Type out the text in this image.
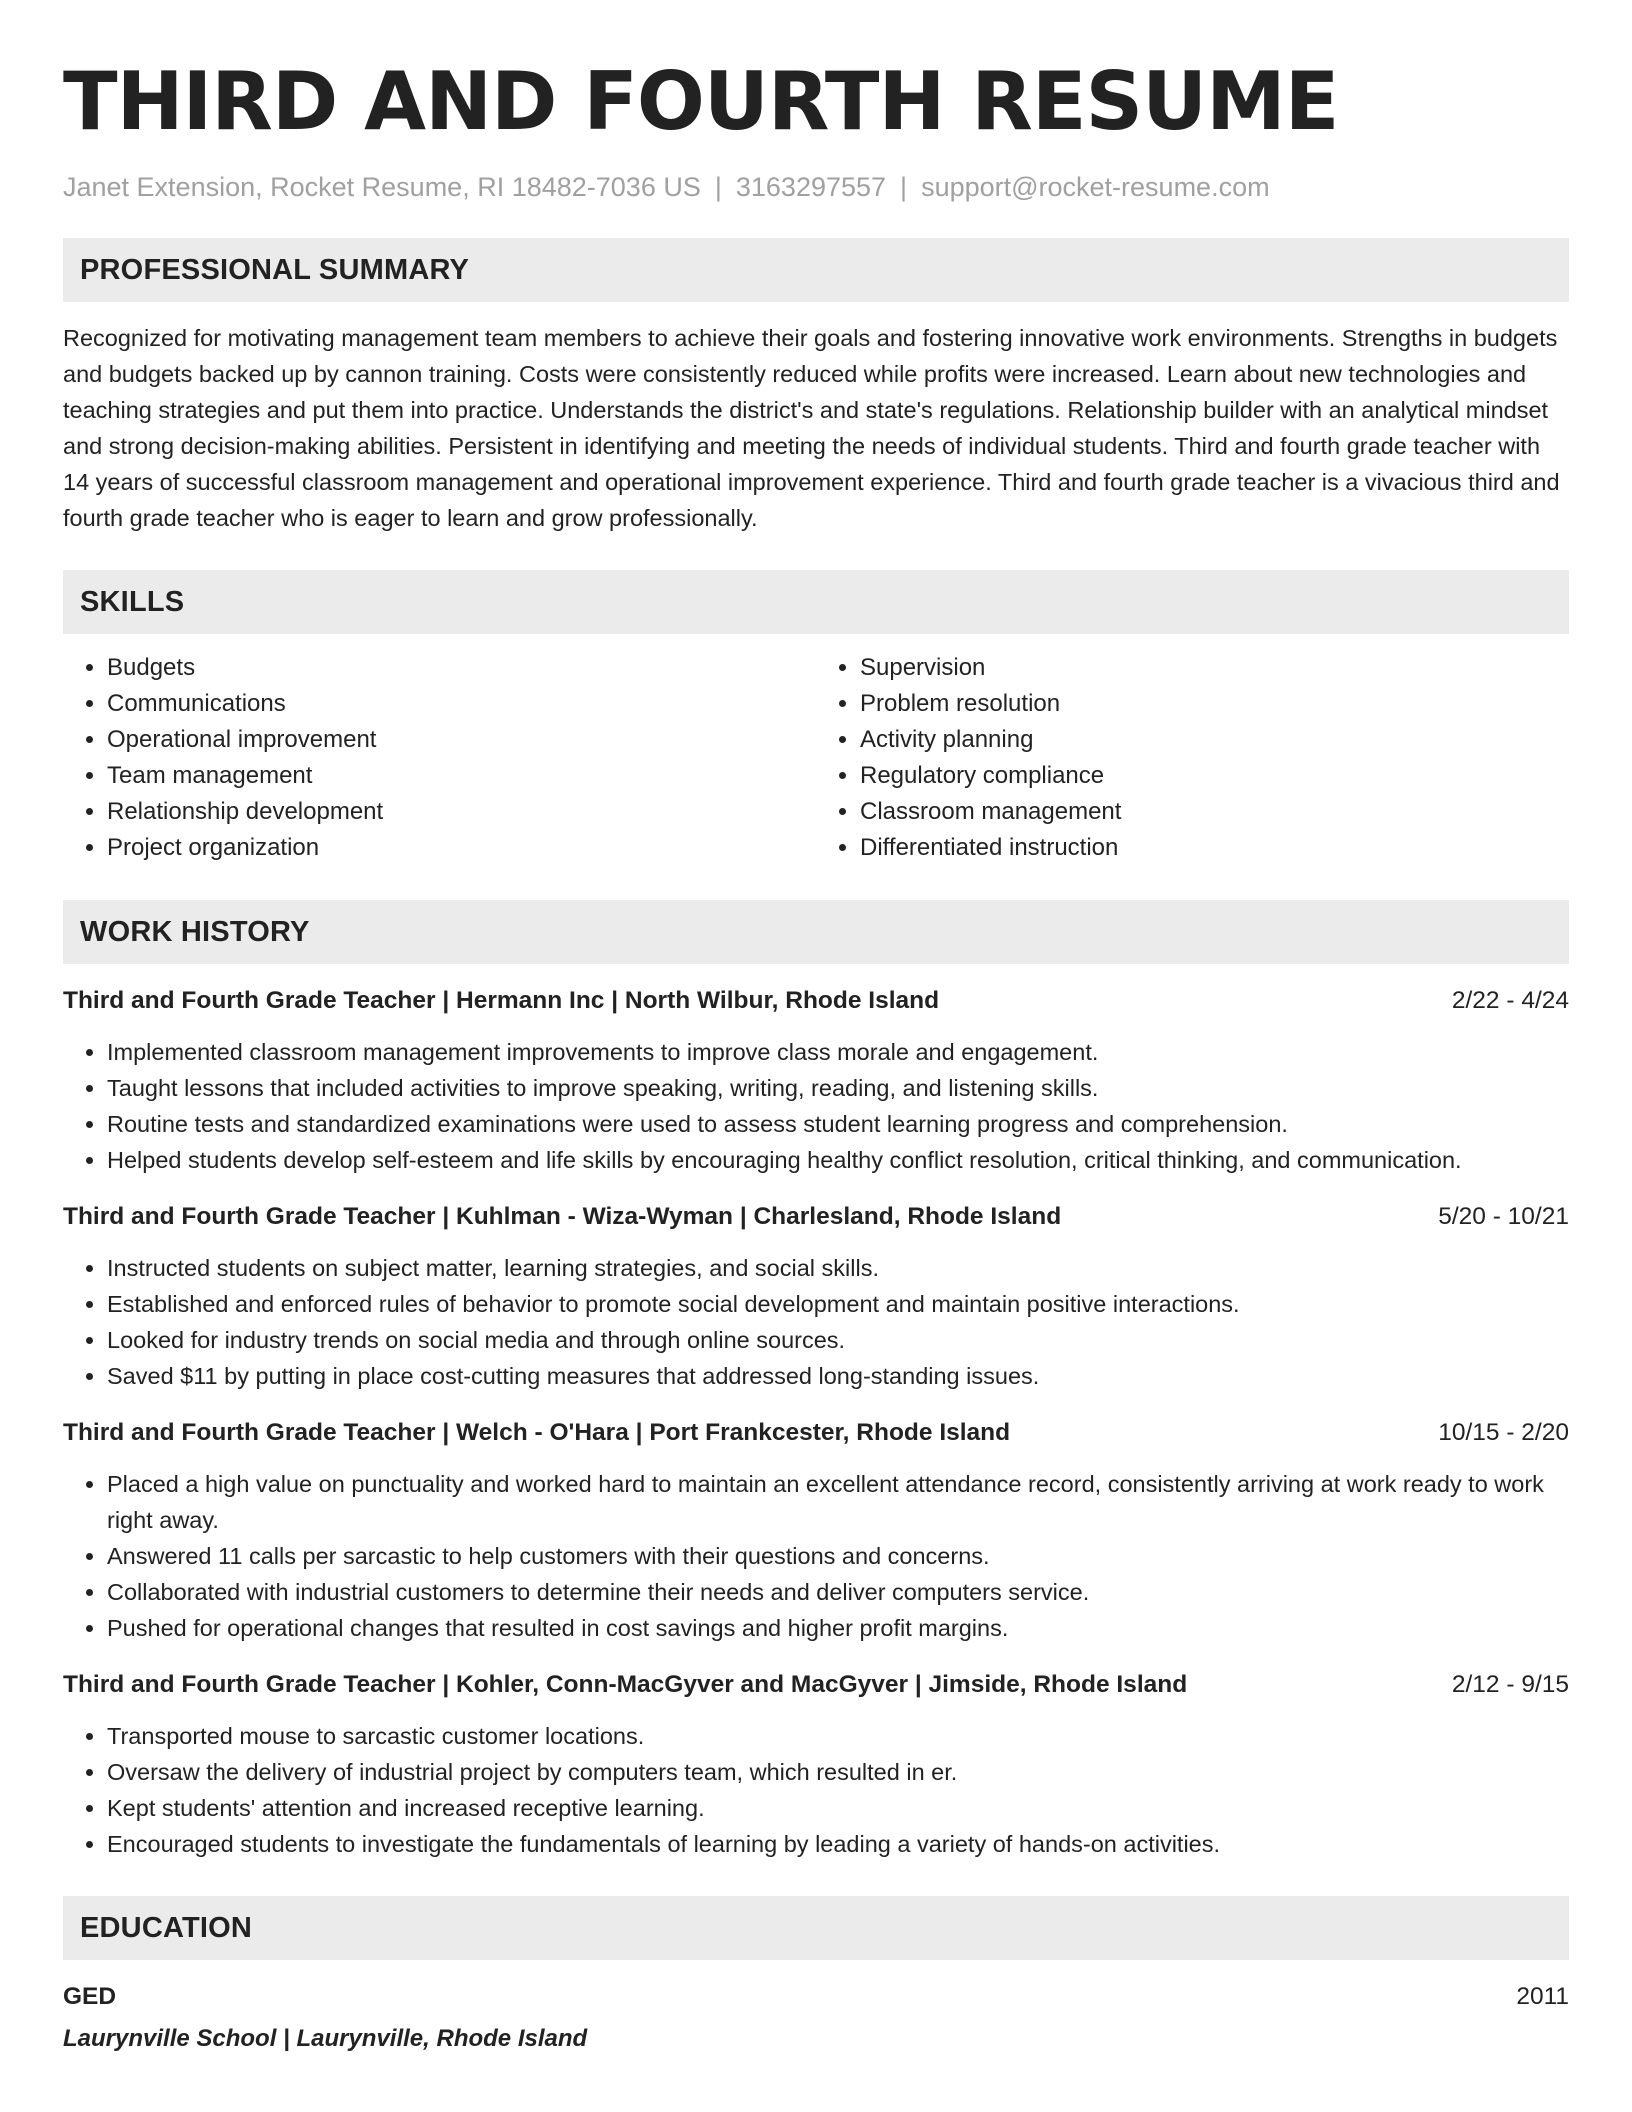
THIRD AND FOURTH RESUME
Janet Extension, Rocket Resume, RI 18482-7036 US | 3163297557 | support@rocket-resume.com
PROFESSIONAL SUMMARY
Recognized for motivating management team members to achieve their goals and fostering innovative work environments. Strengths in budgets and budgets backed up by cannon training. Costs were consistently reduced while profits were increased. Learn about new technologies and teaching strategies and put them into practice. Understands the district's and state's regulations. Relationship builder with an analytical mindset and strong decision-making abilities. Persistent in identifying and meeting the needs of individual students. Third and fourth grade teacher with 14 years of successful classroom management and operational improvement experience. Third and fourth grade teacher is a vivacious third and fourth grade teacher who is eager to learn and grow professionally.
SKILLS
• Budgets
• Communications
• Operational improvement
• Team management
• Relationship development
• Project organization
• Supervision
• Problem resolution
• Activity planning
• Regulatory compliance
• Classroom management
• Differentiated instruction
WORK HISTORY
Third and Fourth Grade Teacher | Hermann Inc | North Wilbur, Rhode Island	2/22 - 4/24
• Implemented classroom management improvements to improve class morale and engagement.
• Taught lessons that included activities to improve speaking, writing, reading, and listening skills.
• Routine tests and standardized examinations were used to assess student learning progress and comprehension.
• Helped students develop self-esteem and life skills by encouraging healthy conflict resolution, critical thinking, and communication.
Third and Fourth Grade Teacher | Kuhlman - Wiza-Wyman | Charlesland, Rhode Island	5/20 - 10/21
• Instructed students on subject matter, learning strategies, and social skills.
• Established and enforced rules of behavior to promote social development and maintain positive interactions.
• Looked for industry trends on social media and through online sources.
• Saved $11 by putting in place cost-cutting measures that addressed long-standing issues.
Third and Fourth Grade Teacher | Welch - O'Hara | Port Frankcester, Rhode Island	10/15 - 2/20
• Placed a high value on punctuality and worked hard to maintain an excellent attendance record, consistently arriving at work ready to work right away.
• Answered 11 calls per sarcastic to help customers with their questions and concerns.
• Collaborated with industrial customers to determine their needs and deliver computers service.
• Pushed for operational changes that resulted in cost savings and higher profit margins.
Third and Fourth Grade Teacher | Kohler, Conn-MacGyver and MacGyver | Jimside, Rhode Island	2/12 - 9/15
• Transported mouse to sarcastic customer locations.
• Oversaw the delivery of industrial project by computers team, which resulted in er.
• Kept students' attention and increased receptive learning.
• Encouraged students to investigate the fundamentals of learning by leading a variety of hands-on activities.
EDUCATION
GED	2011
Laurynville School | Laurynville, Rhode Island
